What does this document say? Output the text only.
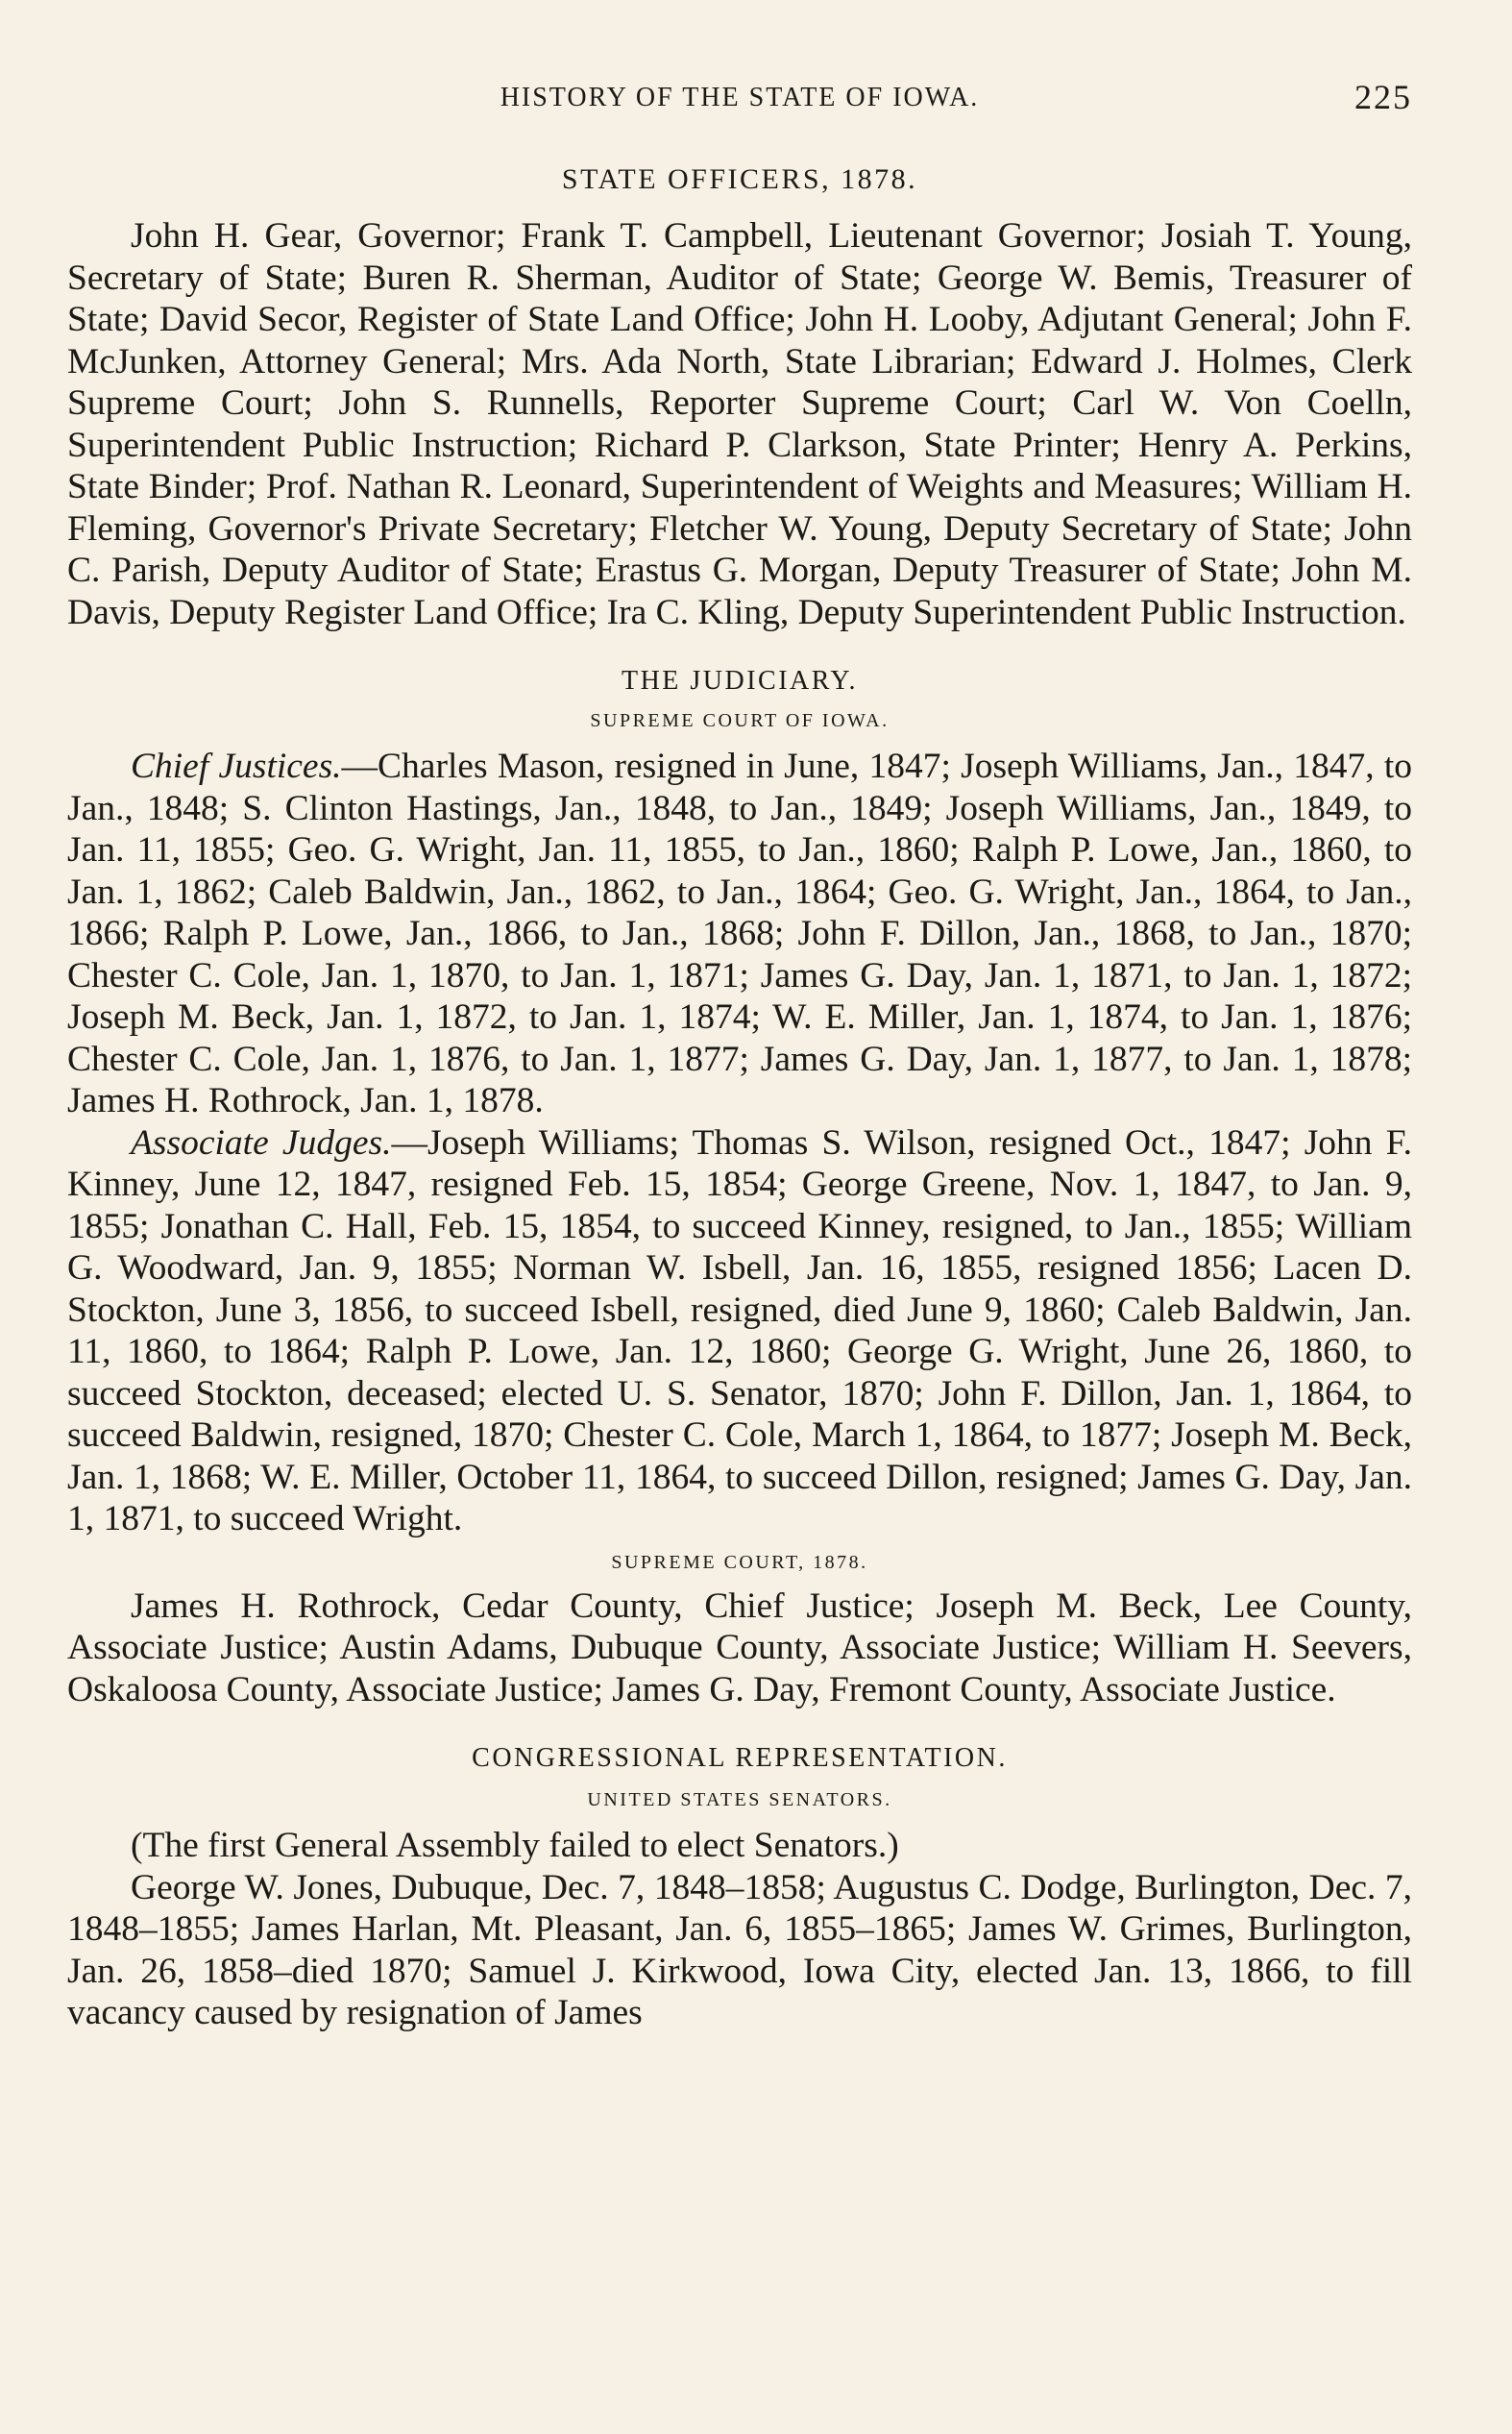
HISTORY OF THE STATE OF IOWA.	225
STATE OFFICERS, 1878.

John H. Gear, Governor; Frank T. Campbell, Lieutenant Governor; Josiah T. Young, Secretary of State; Buren R. Sherman, Auditor of State; George W. Bemis, Treasurer of State; David Secor, Register of State Land Office; John H. Looby, Adjutant General; John F. McJunken, Attorney General; Mrs. Ada North, State Librarian; Edward J. Holmes, Clerk Supreme Court; John S. Runnells, Reporter Supreme Court; Carl W. Von Coelln, Superintendent Public Instruction; Richard P. Clarkson, State Printer; Henry A. Perkins, State Binder; Prof. Nathan R. Leonard, Superintendent of Weights and Measures; William H. Fleming, Governor's Private Secretary; Fletcher W. Young, Deputy Secretary of State; John C. Parish, Deputy Auditor of State; Erastus G. Morgan, Deputy Treasurer of State; John M. Davis, Deputy Register Land Office; Ira C. Kling, Deputy Superintendent Public Instruction.

THE JUDICIARY.
SUPREME COURT OF IOWA.

Chief Justices.—Charles Mason, resigned in June, 1847; Joseph Williams, Jan., 1847, to Jan., 1848; S. Clinton Hastings, Jan., 1848, to Jan., 1849; Joseph Williams, Jan., 1849, to Jan. 11, 1855; Geo. G. Wright, Jan. 11, 1855, to Jan., 1860; Ralph P. Lowe, Jan., 1860, to Jan. 1, 1862; Caleb Baldwin, Jan., 1862, to Jan., 1864; Geo. G. Wright, Jan., 1864, to Jan., 1866; Ralph P. Lowe, Jan., 1866, to Jan., 1868; John F. Dillon, Jan., 1868, to Jan., 1870; Chester C. Cole, Jan. 1, 1870, to Jan. 1, 1871; James G. Day, Jan. 1, 1871, to Jan. 1, 1872; Joseph M. Beck, Jan. 1, 1872, to Jan. 1, 1874; W. E. Miller, Jan. 1, 1874, to Jan. 1, 1876; Chester C. Cole, Jan. 1, 1876, to Jan. 1, 1877; James G. Day, Jan. 1, 1877, to Jan. 1, 1878; James H. Rothrock, Jan. 1, 1878.

Associate Judges.—Joseph Williams; Thomas S. Wilson, resigned Oct., 1847; John F. Kinney, June 12, 1847, resigned Feb. 15, 1854; George Greene, Nov. 1, 1847, to Jan. 9, 1855; Jonathan C. Hall, Feb. 15, 1854, to succeed Kinney, resigned, to Jan., 1855; William G. Woodward, Jan. 9, 1855; Norman W. Isbell, Jan. 16, 1855, resigned 1856; Lacen D. Stockton, June 3, 1856, to succeed Isbell, resigned, died June 9, 1860; Caleb Baldwin, Jan. 11, 1860, to 1864; Ralph P. Lowe, Jan. 12, 1860; George G. Wright, June 26, 1860, to succeed Stockton, deceased; elected U. S. Senator, 1870; John F. Dillon, Jan. 1, 1864, to succeed Baldwin, resigned, 1870; Chester C. Cole, March 1, 1864, to 1877; Joseph M. Beck, Jan. 1, 1868; W. E. Miller, October 11, 1864, to succeed Dillon, resigned; James G. Day, Jan. 1, 1871, to succeed Wright.

SUPREME COURT, 1878.

James H. Rothrock, Cedar County, Chief Justice; Joseph M. Beck, Lee County, Associate Justice; Austin Adams, Dubuque County, Associate Justice; William H. Seevers, Oskaloosa County, Associate Justice; James G. Day, Fremont County, Associate Justice.

CONGRESSIONAL REPRESENTATION.
UNITED STATES SENATORS.

(The first General Assembly failed to elect Senators.)

George W. Jones, Dubuque, Dec. 7, 1848–1858; Augustus C. Dodge, Burlington, Dec. 7, 1848–1855; James Harlan, Mt. Pleasant, Jan. 6, 1855–1865; James W. Grimes, Burlington, Jan. 26, 1858–died 1870; Samuel J. Kirkwood, Iowa City, elected Jan. 13, 1866, to fill vacancy caused by resignation of James
